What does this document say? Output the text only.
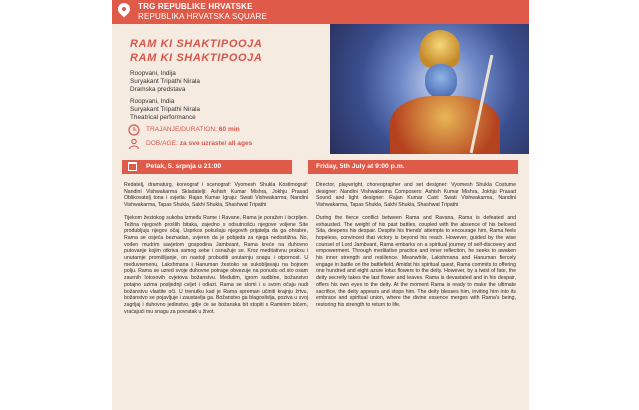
TRG REPUBLIKE HRVATSKE
REPUBLIKA HRVATSKA SQUARE
RAM KI SHAKTIPOOJA
RAM KI SHAKTIPOOJA
Roopvani, Indija
Suryakant Tripathi Nirala
Dramska predstava
Roopvani, India
Suryakant Tripathi Nirala
Theatrical performance
TRAJANJE/DURATION: 60 min
DOB/AGE: za sve uzraste/ all ages
Petak, 5. srpnja u 21:00	Friday, 5th July at 9:00 p.m.

Redatelj, dramaturg, koreograf i scenograf: Vyomesh Shukla Kostimograf: Nandini Vishwakarma Skladatelji: Ashish Kumar Mishra, Jokhju Prasad Oblikovatelj tona i svjetla: Rajan Kumar Igraju: Swati Vishwakarma, Nandini Vishwakarma, Tapas Shukla, Sakhi Shukla, Shashwat Tripathi

Tijekom žestokog sukoba između Rame i Ravane, Rama je poražen i iscrpljen. Težina njegovih prošlih bitaka, zajedno s odsutnošću njegove voljene Site produbljuju njegov očaj. Usprkos pokušaju njegovih prijatelja da ga ohrabre, Rama se osjeća beznadan, uvjeren da je pobjeda za njega nedostižna. No, vođen mudrim savjetom gospodina Jambvant, Rama kreće na duhovno putovanje kojim otkriva samog sebe i osnažuje se. Kroz meditativnu praksu i unutarnje promišljanje, on nastoji probuditi unutarnju snagu i otpornost. U međuvremenu, Lakshmana i Hanuman žestoko se sukobljavaju na bojnom polju. Rama se uzred svoje duhovne potrage obvezuje na ponudu od sto osam zaurnih lotosovih cvjetova božanstvu. Međutim, igrom sudbine, božanstvo potajno uzima posljednji cvijet i odlazi. Rama se slomi i u svom očaju nudi božanstvu vlastite oči. U trenutku kad je Rama spreman učiniti krajnju žrtvu, božanstvo se pojavljuje i zaustavlja ga. Božanstvo ga blagoslivlja, poziva u svoj zagrljaj i duhovno jedinstvo, gdje će se božanska bit stopiti s Raminim bićem, vraćajući mu snagu za povratak u život.

Director, playwright, choreographer and set designer: Vyomesh Shukla Costume designer: Nandini Vishwakarma Composers: Ashish Kumar Mishra, Jokhju Prasad Sound and light designer: Rajan Kumar Cast: Swati Vishwakarma, Nandini Vishwakarma, Tapas Shukla, Sakhi Shukla, Shashwat Tripathi

During the fierce conflict between Rama and Ravana, Rama is defeated and exhausted. The weight of his past battles, coupled with the absence of his beloved Sita, deepens his despair. Despite his friends' attempts to encourage him, Rama feels hopeless, convinced that victory is beyond his reach. However, guided by the wise counsel of Lord Jambvant, Rama embarks on a spiritual journey of self-discovery and empowerment. Through meditative practice and inner reflection, he seeks to awaken his inner strength and resilience. Meanwhile, Lakshmana and Hanuman fiercely engage in battle on the battlefield. Amidst his spiritual quest, Rama commits to offering one hundred and eight azure lotus flowers to the deity. However, by a twist of fate, the deity secretly takes the last flower and leaves. Rama is devastated and in his despair, offers his own eyes to the deity. At the moment Rama is ready to make the ultimate sacrifice, the deity appears and stops him. The deity blesses him, inviting him into its embrace and spiritual union, where the divine essence merges with Rama's being, restoring his strength to return to life.
